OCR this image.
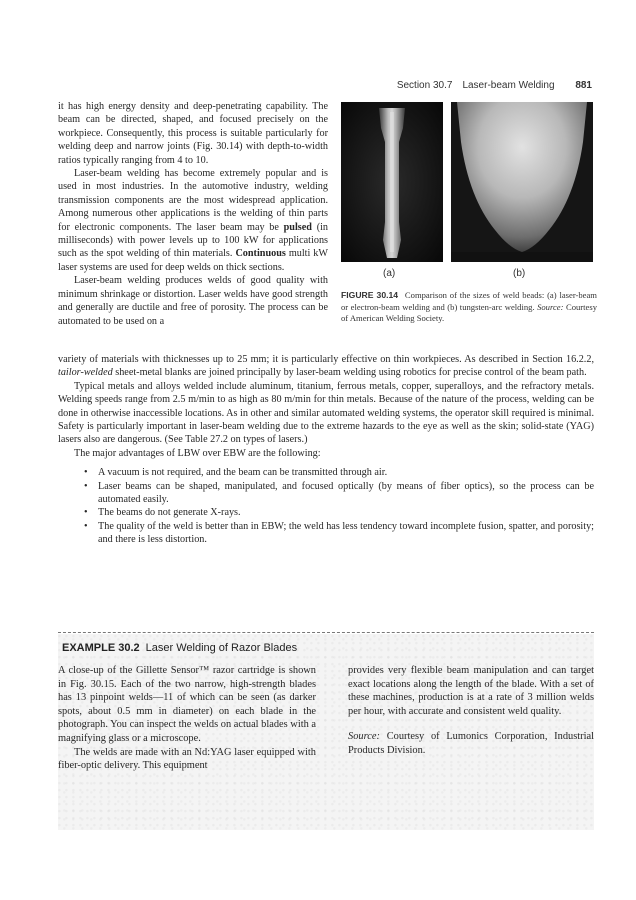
Section 30.7 Laser-beam Welding 881
(a)	(b)
FIGURE 30.14 Comparison of the sizes of weld beads: (a) laser-beam or electron-beam welding and (b) tungsten-arc welding. Source: Courtesy of American Welding Society.

it has high energy density and deep-penetrating capability. The beam can be directed, shaped, and focused precisely on the workpiece. Consequently, this process is suitable particularly for welding deep and narrow joints (Fig. 30.14) with depth-to-width ratios typically ranging from 4 to 10.

Laser-beam welding has become extremely popular and is used in most industries. In the automotive industry, welding transmission components are the most widespread application. Among numerous other applications is the welding of thin parts for electronic components. The laser beam may be pulsed (in milliseconds) with power levels up to 100 kW for applications such as the spot welding of thin materials. Continuous multi kW laser systems are used for deep welds on thick sections.

Laser-beam welding produces welds of good quality with minimum shrinkage or distortion. Laser welds have good strength and generally are ductile and free of porosity. The process can be automated to be used on a

variety of materials with thicknesses up to 25 mm; it is particularly effective on thin workpieces. As described in Section 16.2.2, tailor-welded sheet-metal blanks are joined principally by laser-beam welding using robotics for precise control of the beam path.

Typical metals and alloys welded include aluminum, titanium, ferrous metals, copper, superalloys, and the refractory metals. Welding speeds range from 2.5 m/min to as high as 80 m/min for thin metals. Because of the nature of the process, welding can be done in otherwise inaccessible locations. As in other and similar automated welding systems, the operator skill required is minimal. Safety is particularly important in laser-beam welding due to the extreme hazards to the eye as well as the skin; solid-state (YAG) lasers also are dangerous. (See Table 27.2 on types of lasers.)

The major advantages of LBW over EBW are the following:

• A vacuum is not required, and the beam can be transmitted through air.
• Laser beams can be shaped, manipulated, and focused optically (by means of fiber optics), so the process can be automated easily.
• The beams do not generate X-rays.
• The quality of the weld is better than in EBW; the weld has less tendency toward incomplete fusion, spatter, and porosity; and there is less distortion.
EXAMPLE 30.2 Laser Welding of Razor Blades

A close-up of the Gillette Sensor™ razor cartridge is shown in Fig. 30.15. Each of the two narrow, high-strength blades has 13 pinpoint welds—11 of which can be seen (as darker spots, about 0.5 mm in diameter) on each blade in the photograph. You can inspect the welds on actual blades with a magnifying glass or a microscope.

The welds are made with an Nd:YAG laser equipped with fiber-optic delivery. This equipment

provides very flexible beam manipulation and can target exact locations along the length of the blade. With a set of these machines, production is at a rate of 3 million welds per hour, with accurate and consistent weld quality.

Source: Courtesy of Lumonics Corporation, Industrial Products Division.
